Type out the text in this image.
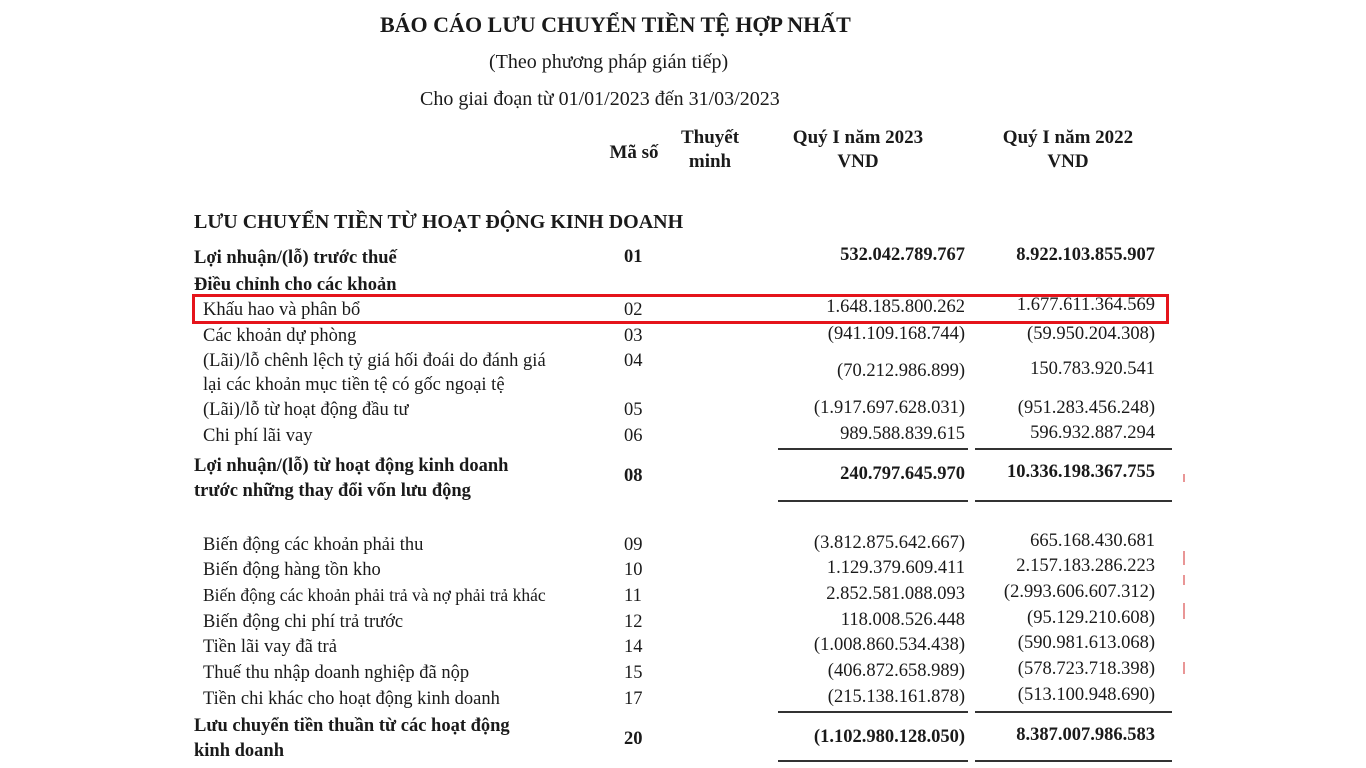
BÁO CÁO LƯU CHUYỂN TIỀN TỆ HỢP NHẤT
(Theo phương pháp gián tiếp)
Cho giai đoạn từ 01/01/2023 đến 31/03/2023
Mã số
Thuyết
minh
Quý I năm 2023
VND
Quý I năm 2022
VND
LƯU CHUYỂN TIỀN TỪ HOẠT ĐỘNG KINH DOANH
Lợi nhuận/(lỗ) trước thuế	01	532.042.789.767	8.922.103.855.907
Điều chỉnh cho các khoản
Khấu hao và phân bổ	02	1.648.185.800.262	1.677.611.364.569
Các khoản dự phòng	03	(941.109.168.744)	(59.950.204.308)
(Lãi)/lỗ chênh lệch tỷ giá hối đoái do đánh giá
lại các khoản mục tiền tệ có gốc ngoại tệ
04	(70.212.986.899)	150.783.920.541
(Lãi)/lỗ từ hoạt động đầu tư	05	(1.917.697.628.031)	(951.283.456.248)
Chi phí lãi vay	06	989.588.839.615	596.932.887.294
Lợi nhuận/(lỗ) từ hoạt động kinh doanh
trước những thay đổi vốn lưu động
08	240.797.645.970	10.336.198.367.755
Biến động các khoản phải thu	09	(3.812.875.642.667)	665.168.430.681
Biến động hàng tồn kho	10	1.129.379.609.411	2.157.183.286.223
Biến động các khoản phải trả và nợ phải trả khác	11	2.852.581.088.093	(2.993.606.607.312)
Biến động chi phí trả trước	12	118.008.526.448	(95.129.210.608)
Tiền lãi vay đã trả	14	(1.008.860.534.438)	(590.981.613.068)
Thuế thu nhập doanh nghiệp đã nộp	15	(406.872.658.989)	(578.723.718.398)
Tiền chi khác cho hoạt động kinh doanh	17	(215.138.161.878)	(513.100.948.690)
Lưu chuyển tiền thuần từ các hoạt động
kinh doanh
20	(1.102.980.128.050)	8.387.007.986.583
